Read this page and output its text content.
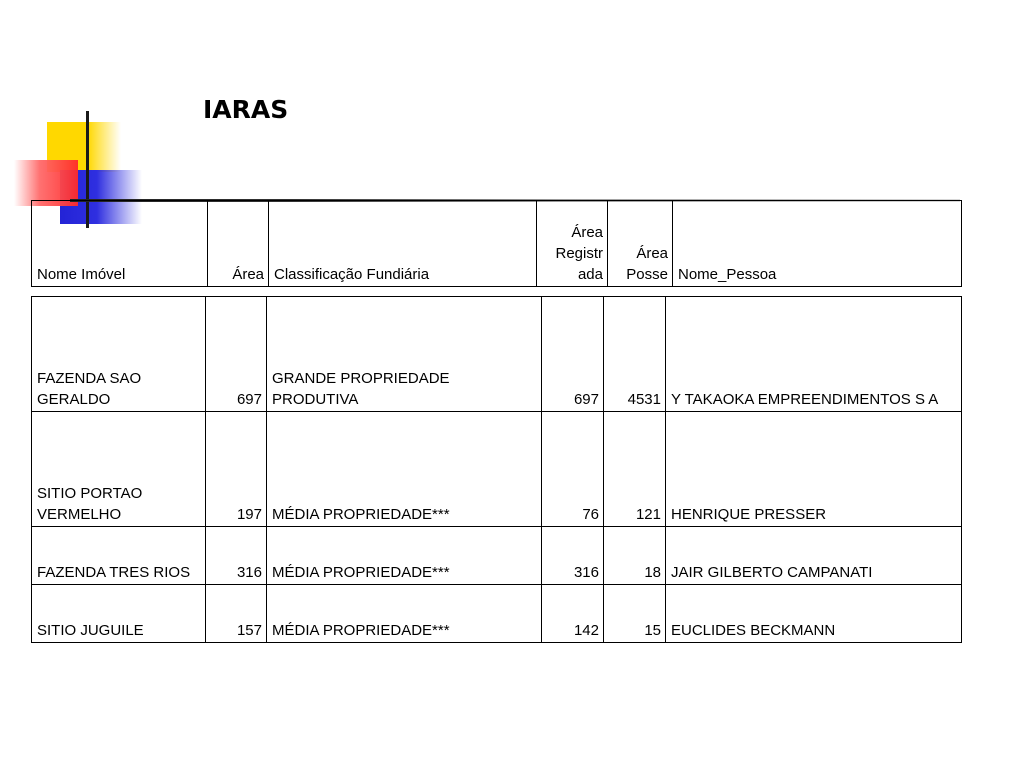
IARAS
Nome Imóvel	Área	Classificação Fundiária	Área Registr ada	Área Posse	Nome_Pessoa
FAZENDA SAO GERALDO	697	GRANDE PROPRIEDADE PRODUTIVA	697	4531	Y TAKAOKA EMPREENDIMENTOS S A
SITIO PORTAO VERMELHO	197	MÉDIA PROPRIEDADE***	76	121	HENRIQUE PRESSER
FAZENDA TRES RIOS	316	MÉDIA PROPRIEDADE***	316	18	JAIR GILBERTO CAMPANATI
SITIO JUGUILE	157	MÉDIA PROPRIEDADE***	142	15	EUCLIDES BECKMANN
